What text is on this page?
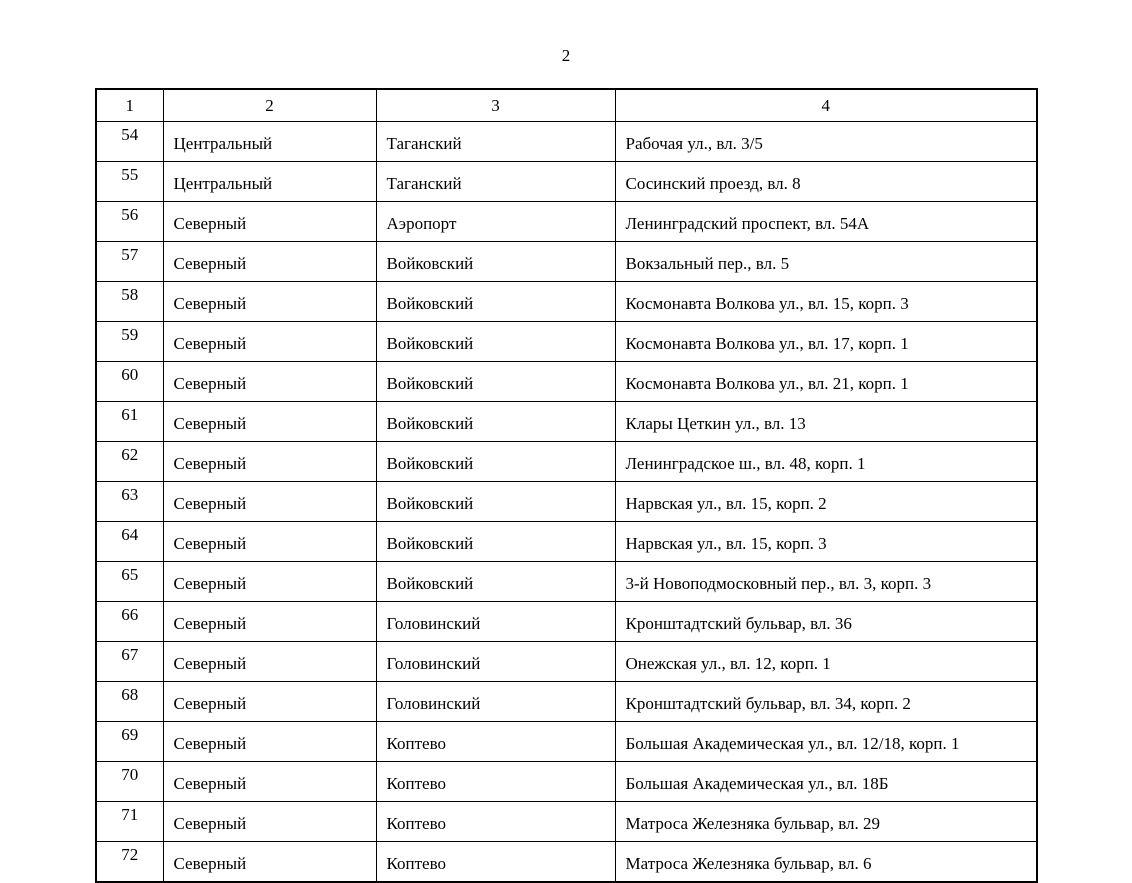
2
1	2	3	4
54	Центральный	Таганский	Рабочая ул., вл. 3/5
55	Центральный	Таганский	Сосинский проезд, вл. 8
56	Северный	Аэропорт	Ленинградский проспект, вл. 54А
57	Северный	Войковский	Вокзальный пер., вл. 5
58	Северный	Войковский	Космонавта Волкова ул., вл. 15, корп. 3
59	Северный	Войковский	Космонавта Волкова ул., вл. 17, корп. 1
60	Северный	Войковский	Космонавта Волкова ул., вл. 21, корп. 1
61	Северный	Войковский	Клары Цеткин ул., вл. 13
62	Северный	Войковский	Ленинградское ш., вл. 48, корп. 1
63	Северный	Войковский	Нарвская ул., вл. 15, корп. 2
64	Северный	Войковский	Нарвская ул., вл. 15, корп. 3
65	Северный	Войковский	3-й Новоподмосковный пер., вл. 3, корп. 3
66	Северный	Головинский	Кронштадтский бульвар, вл. 36
67	Северный	Головинский	Онежская ул., вл. 12, корп. 1
68	Северный	Головинский	Кронштадтский бульвар, вл. 34, корп. 2
69	Северный	Коптево	Большая Академическая ул., вл. 12/18, корп. 1
70	Северный	Коптево	Большая Академическая ул., вл. 18Б
71	Северный	Коптево	Матроса Железняка бульвар, вл. 29
72	Северный	Коптево	Матроса Железняка бульвар, вл. 6
